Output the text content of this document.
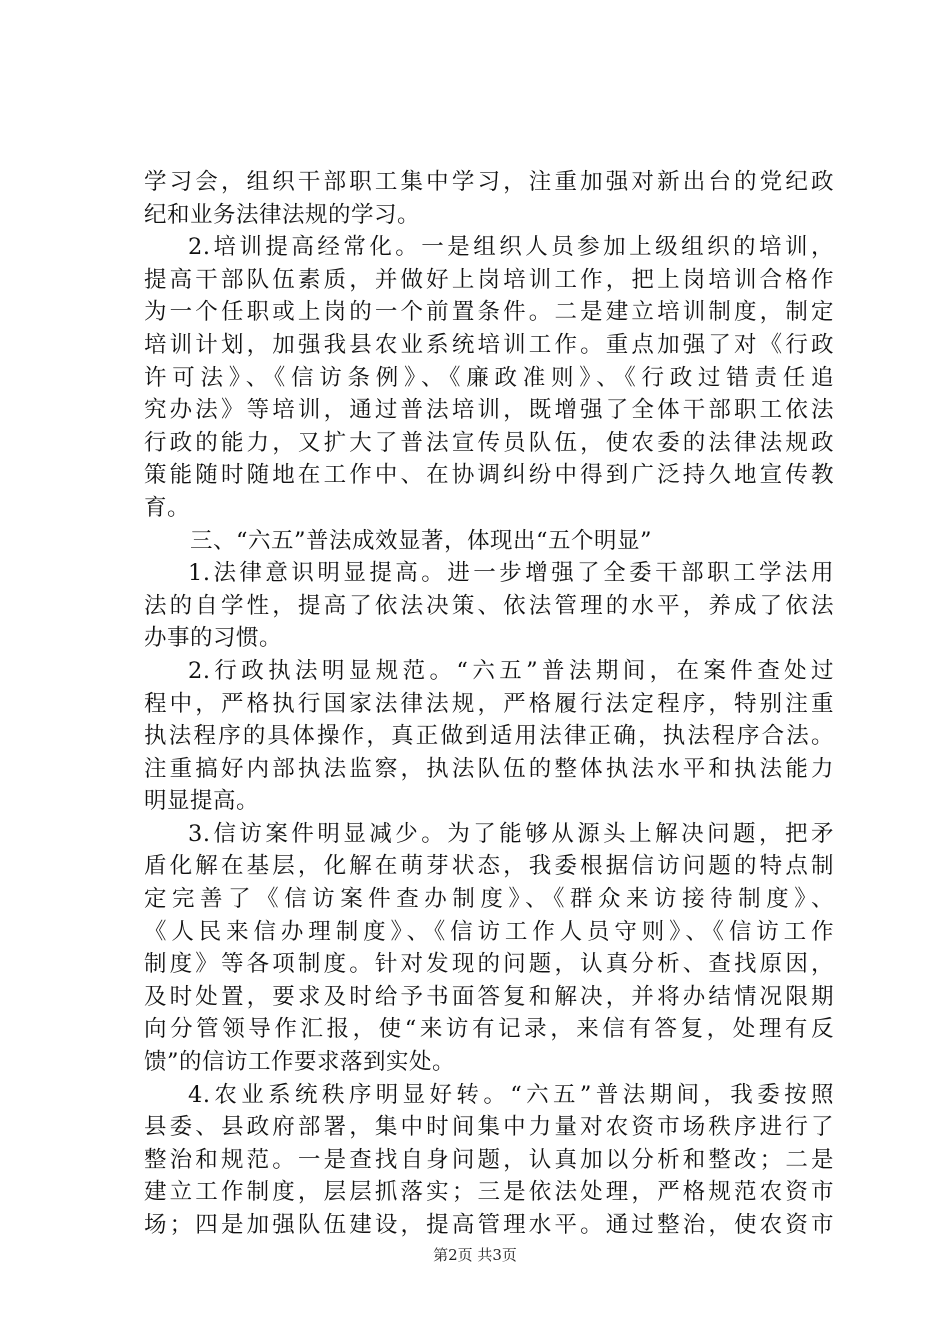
学习会，组织干部职工集中学习，注重加强对新出台的党纪政
纪和业务法律法规的学习。
2.培训提高经常化。一是组织人员参加上级组织的培训，
提高干部队伍素质，并做好上岗培训工作，把上岗培训合格作
为一个任职或上岗的一个前置条件。二是建立培训制度，制定
培训计划，加强我县农业系统培训工作。重点加强了对《行政
许可法》、《信访条例》、《廉政准则》、《行政过错责任追
究办法》等培训，通过普法培训，既增强了全体干部职工依法
行政的能力，又扩大了普法宣传员队伍，使农委的法律法规政
策能随时随地在工作中、在协调纠纷中得到广泛持久地宣传教
育。
三、“六五”普法成效显著，体现出“五个明显”
1.法律意识明显提高。进一步增强了全委干部职工学法用
法的自学性，提高了依法决策、依法管理的水平，养成了依法
办事的习惯。
2.行政执法明显规范。“六五”普法期间，在案件查处过
程中，严格执行国家法律法规，严格履行法定程序，特别注重
执法程序的具体操作，真正做到适用法律正确，执法程序合法。
注重搞好内部执法监察，执法队伍的整体执法水平和执法能力
明显提高。
3.信访案件明显减少。为了能够从源头上解决问题，把矛
盾化解在基层，化解在萌芽状态，我委根据信访问题的特点制
定完善了《信访案件查办制度》、《群众来访接待制度》、
《人民来信办理制度》、《信访工作人员守则》、《信访工作
制度》等各项制度。针对发现的问题，认真分析、查找原因，
及时处置，要求及时给予书面答复和解决，并将办结情况限期
向分管领导作汇报，使“来访有记录，来信有答复，处理有反
馈”的信访工作要求落到实处。
4.农业系统秩序明显好转。“六五”普法期间，我委按照
县委、县政府部署，集中时间集中力量对农资市场秩序进行了
整治和规范。一是查找自身问题，认真加以分析和整改；二是
建立工作制度，层层抓落实；三是依法处理，严格规范农资市
场；四是加强队伍建设，提高管理水平。通过整治，使农资市
第2页 共3页
